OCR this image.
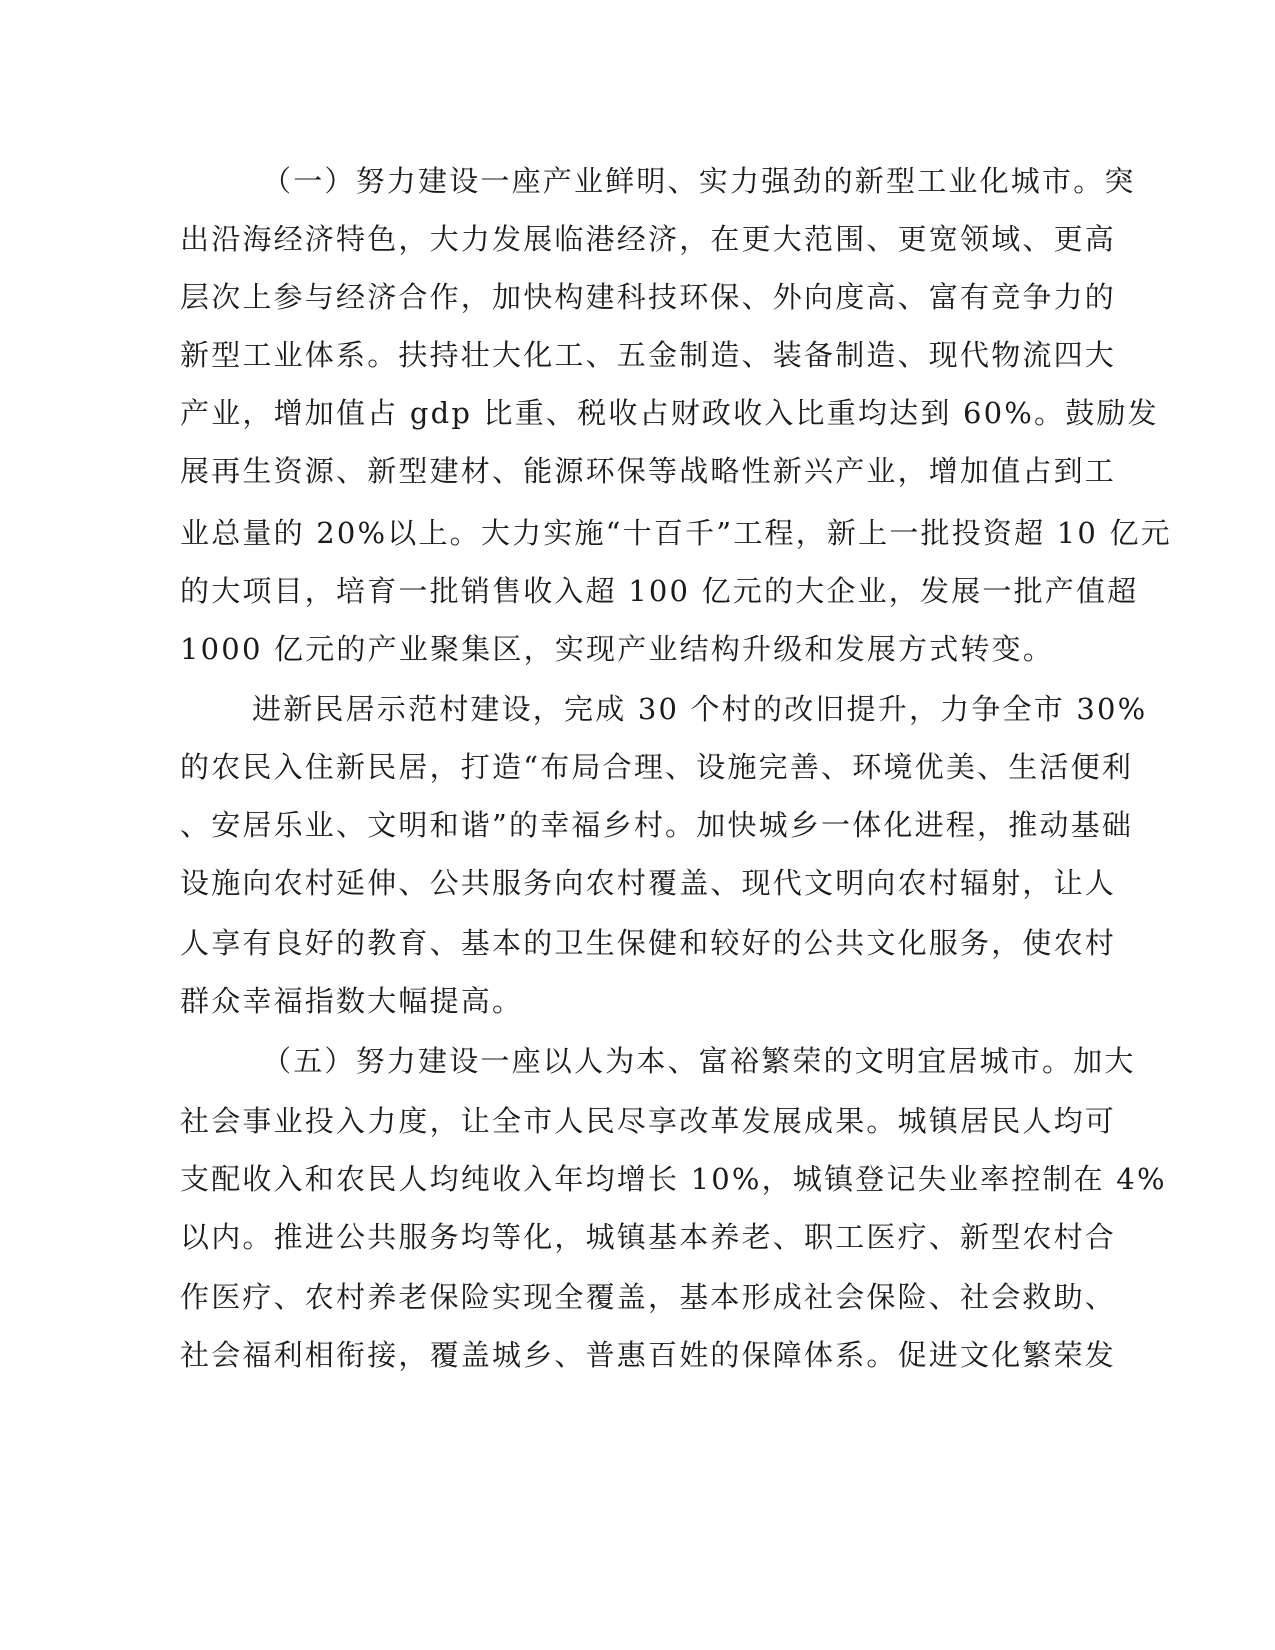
（一）努力建设一座产业鲜明、实力强劲的新型工业化城市。突
出沿海经济特色，大力发展临港经济，在更大范围、更宽领域、更高
层次上参与经济合作，加快构建科技环保、外向度高、富有竞争力的
新型工业体系。扶持壮大化工、五金制造、装备制造、现代物流四大
产业，增加值占 gdp 比重、税收占财政收入比重均达到 60%。鼓励发
展再生资源、新型建材、能源环保等战略性新兴产业，增加值占到工
业总量的 20%以上。大力实施“十百千”工程，新上一批投资超 10 亿元
的大项目，培育一批销售收入超 100 亿元的大企业，发展一批产值超
1000 亿元的产业聚集区，实现产业结构升级和发展方式转变。
进新民居示范村建设，完成 30 个村的改旧提升，力争全市 30%
的农民入住新民居，打造“布局合理、设施完善、环境优美、生活便利
、安居乐业、文明和谐”的幸福乡村。加快城乡一体化进程，推动基础
设施向农村延伸、公共服务向农村覆盖、现代文明向农村辐射，让人
人享有良好的教育、基本的卫生保健和较好的公共文化服务，使农村
群众幸福指数大幅提高。
（五）努力建设一座以人为本、富裕繁荣的文明宜居城市。加大
社会事业投入力度，让全市人民尽享改革发展成果。城镇居民人均可
支配收入和农民人均纯收入年均增长 10%，城镇登记失业率控制在 4%
以内。推进公共服务均等化，城镇基本养老、职工医疗、新型农村合
作医疗、农村养老保险实现全覆盖，基本形成社会保险、社会救助、
社会福利相衔接，覆盖城乡、普惠百姓的保障体系。促进文化繁荣发
